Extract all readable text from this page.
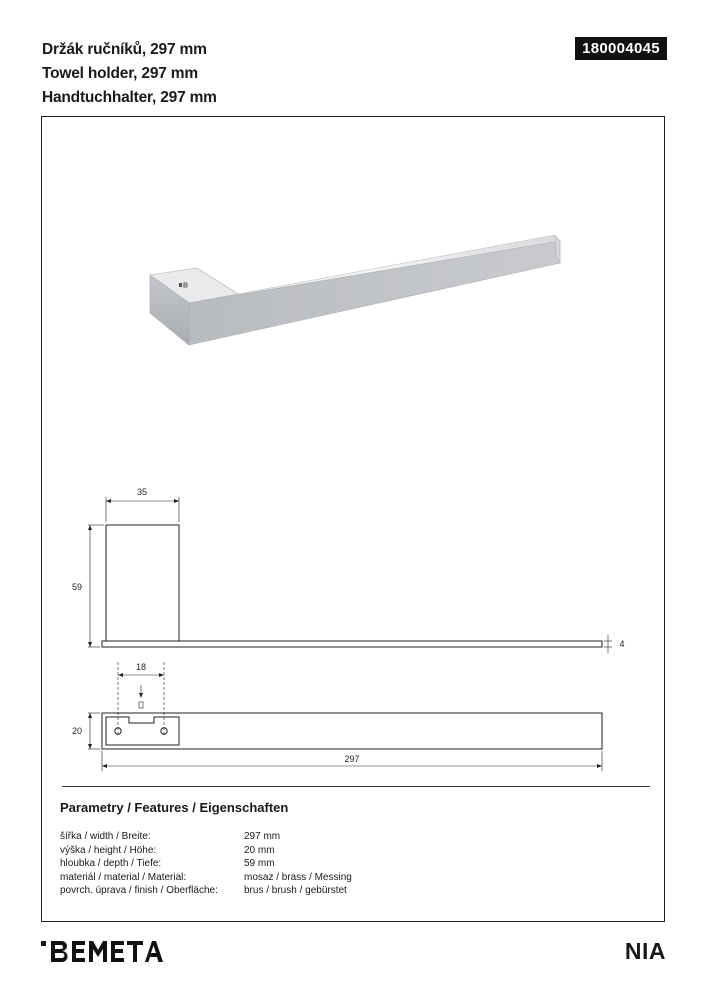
Držák ručníků, 297 mm
Towel holder, 297 mm
Handtuchhalter, 297 mm
180004045
B
35
59
4
18
20
297
Parametry / Features / Eigenschaften
šířka / width / Breite:	297 mm
výška / height / Höhe:	20 mm
hloubka / depth / Tiefe:	59 mm
materiál / material / Material:	mosaz / brass / Messing
povrch. úprava / finish / Oberfläche:	brus / brush / gebürstet
NIA
